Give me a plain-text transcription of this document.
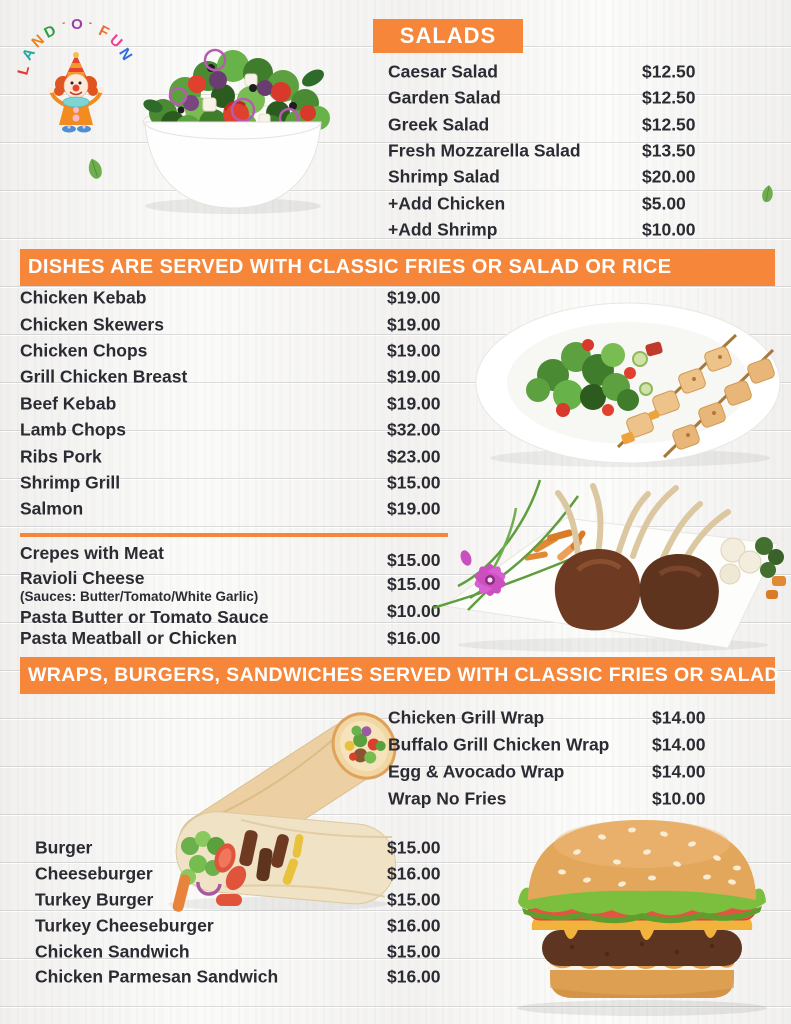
L
A
N
D - O - F
U
N
SALADS
Caesar Salad	$12.50
Garden Salad	$12.50
Greek Salad	$12.50
Fresh Mozzarella Salad	$13.50
Shrimp Salad	$20.00
+Add Chicken	$5.00
+Add Shrimp	$10.00
DISHES ARE SERVED WITH CLASSIC FRIES OR SALAD OR RICE
Chicken Kebab	$19.00
Chicken Skewers	$19.00
Chicken Chops	$19.00
Grill Chicken Breast	$19.00
Beef Kebab	$19.00
Lamb Chops	$32.00
Ribs Pork	$23.00
Shrimp Grill	$15.00
Salmon	$19.00
Crepes with Meat	$15.00
Ravioli Cheese	$15.00
(Sauces: Butter/Tomato/White Garlic)
Pasta Butter or Tomato Sauce	$10.00
Pasta Meatball or Chicken	$16.00
WRAPS, BURGERS, SANDWICHES SERVED WITH CLASSIC FRIES OR SALAD
Chicken Grill Wrap	$14.00
Buffalo Grill Chicken Wrap $14.00
Egg & Avocado Wrap	$14.00
Wrap No Fries	$10.00
Burger	$15.00
Cheeseburger	$16.00
Turkey Burger	$15.00
Turkey Cheeseburger	$16.00
Chicken Sandwich	$15.00
Chicken Parmesan Sandwich	$16.00
